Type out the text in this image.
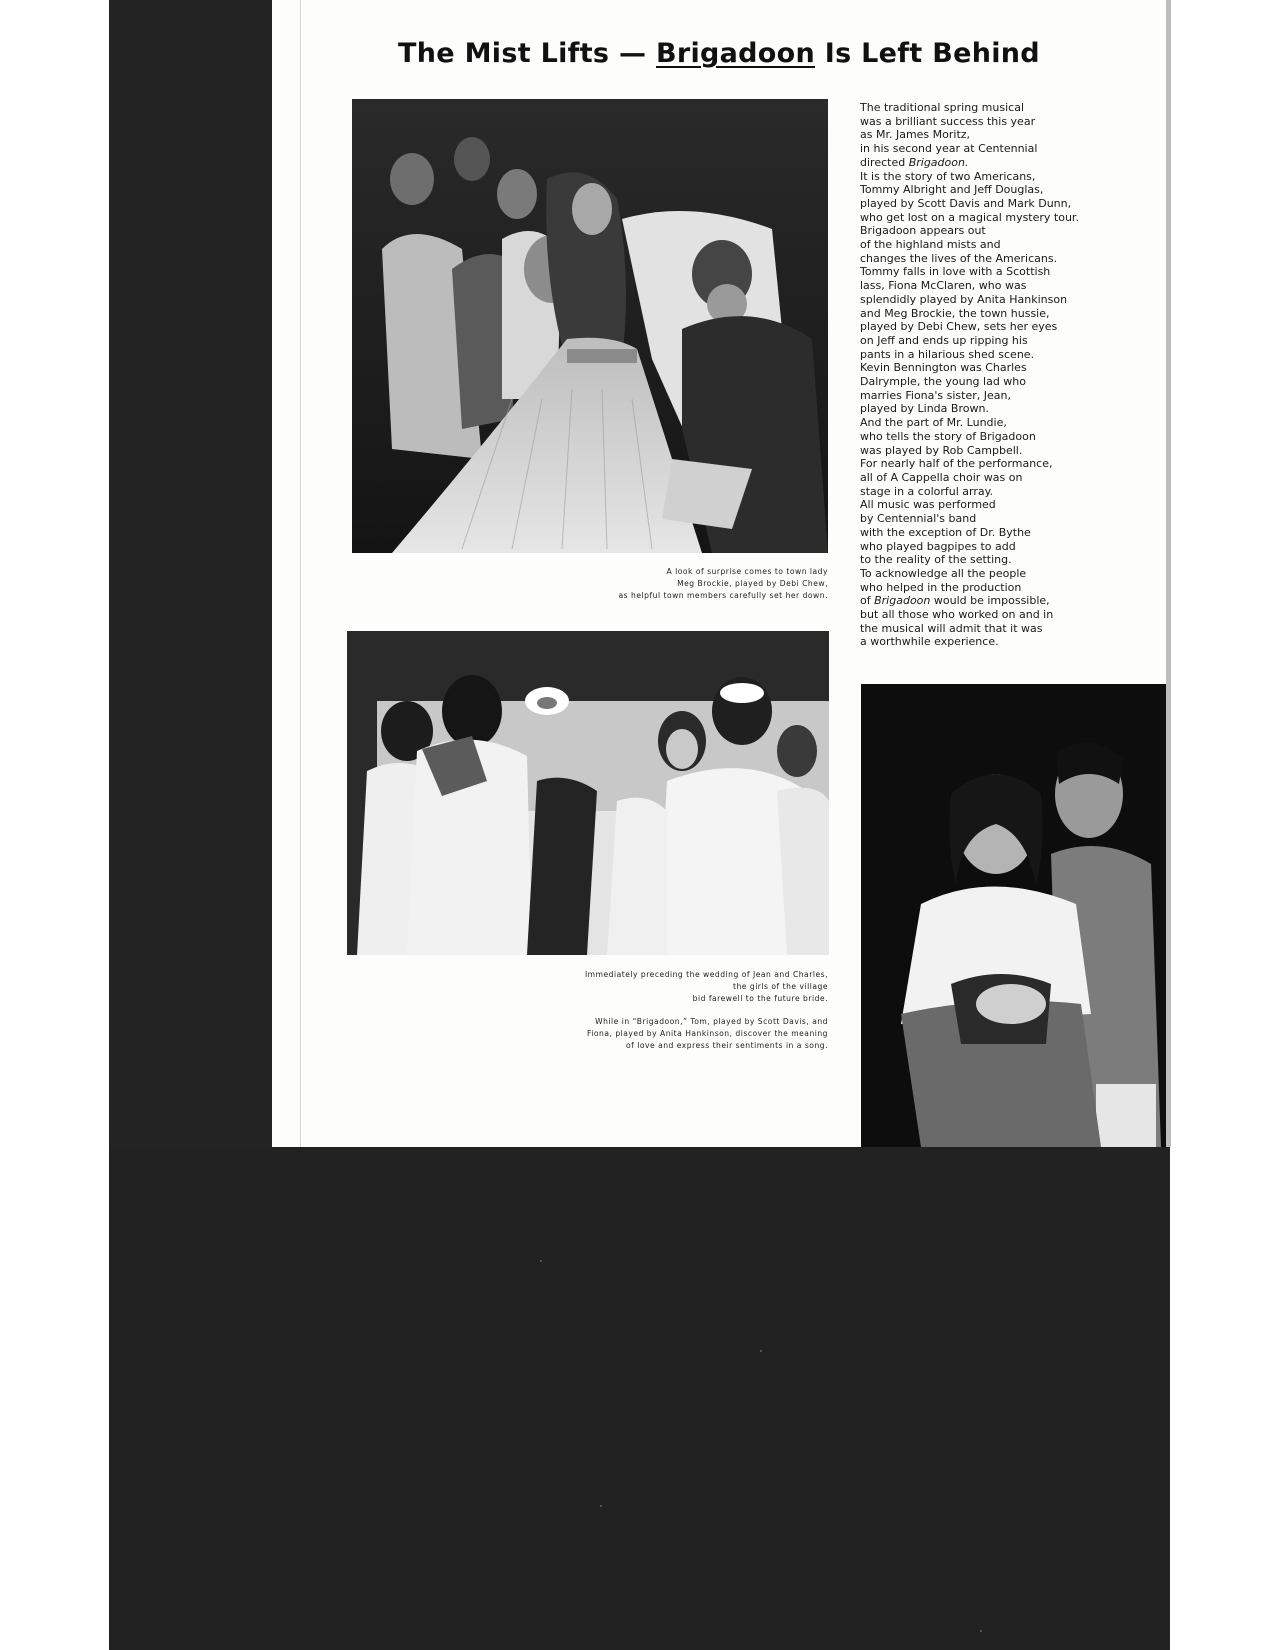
The Mist Lifts — Brigadoon Is Left Behind
A look of surprise comes to town lady
Meg Brockie, played by Debi Chew,
as helpful town members carefully set her down.
Immediately preceding the wedding of Jean and Charles,
the girls of the village
bid farewell to the future bride.
While in “Brigadoon,” Tom, played by Scott Davis, and
Fiona, played by Anita Hankinson, discover the meaning
of love and express their sentiments in a song.
The traditional spring musical
was a brilliant success this year
as Mr. James Moritz,
in his second year at Centennial
directed Brigadoon.
It is the story of two Americans,
Tommy Albright and Jeff Douglas,
played by Scott Davis and Mark Dunn,
who get lost on a magical mystery tour.
Brigadoon appears out
of the highland mists and
changes the lives of the Americans.
Tommy falls in love with a Scottish
lass, Fiona McClaren, who was
splendidly played by Anita Hankinson
and Meg Brockie, the town hussie,
played by Debi Chew, sets her eyes
on Jeff and ends up ripping his
pants in a hilarious shed scene.
Kevin Bennington was Charles
Dalrymple, the young lad who
marries Fiona's sister, Jean,
played by Linda Brown.
And the part of Mr. Lundie,
who tells the story of Brigadoon
was played by Rob Campbell.
For nearly half of the performance,
all of A Cappella choir was on
stage in a colorful array.
All music was performed
by Centennial's band
with the exception of Dr. Bythe
who played bagpipes to add
to the reality of the setting.
To acknowledge all the people
who helped in the production
of Brigadoon would be impossible,
but all those who worked on and in
the musical will admit that it was
a worthwhile experience.
